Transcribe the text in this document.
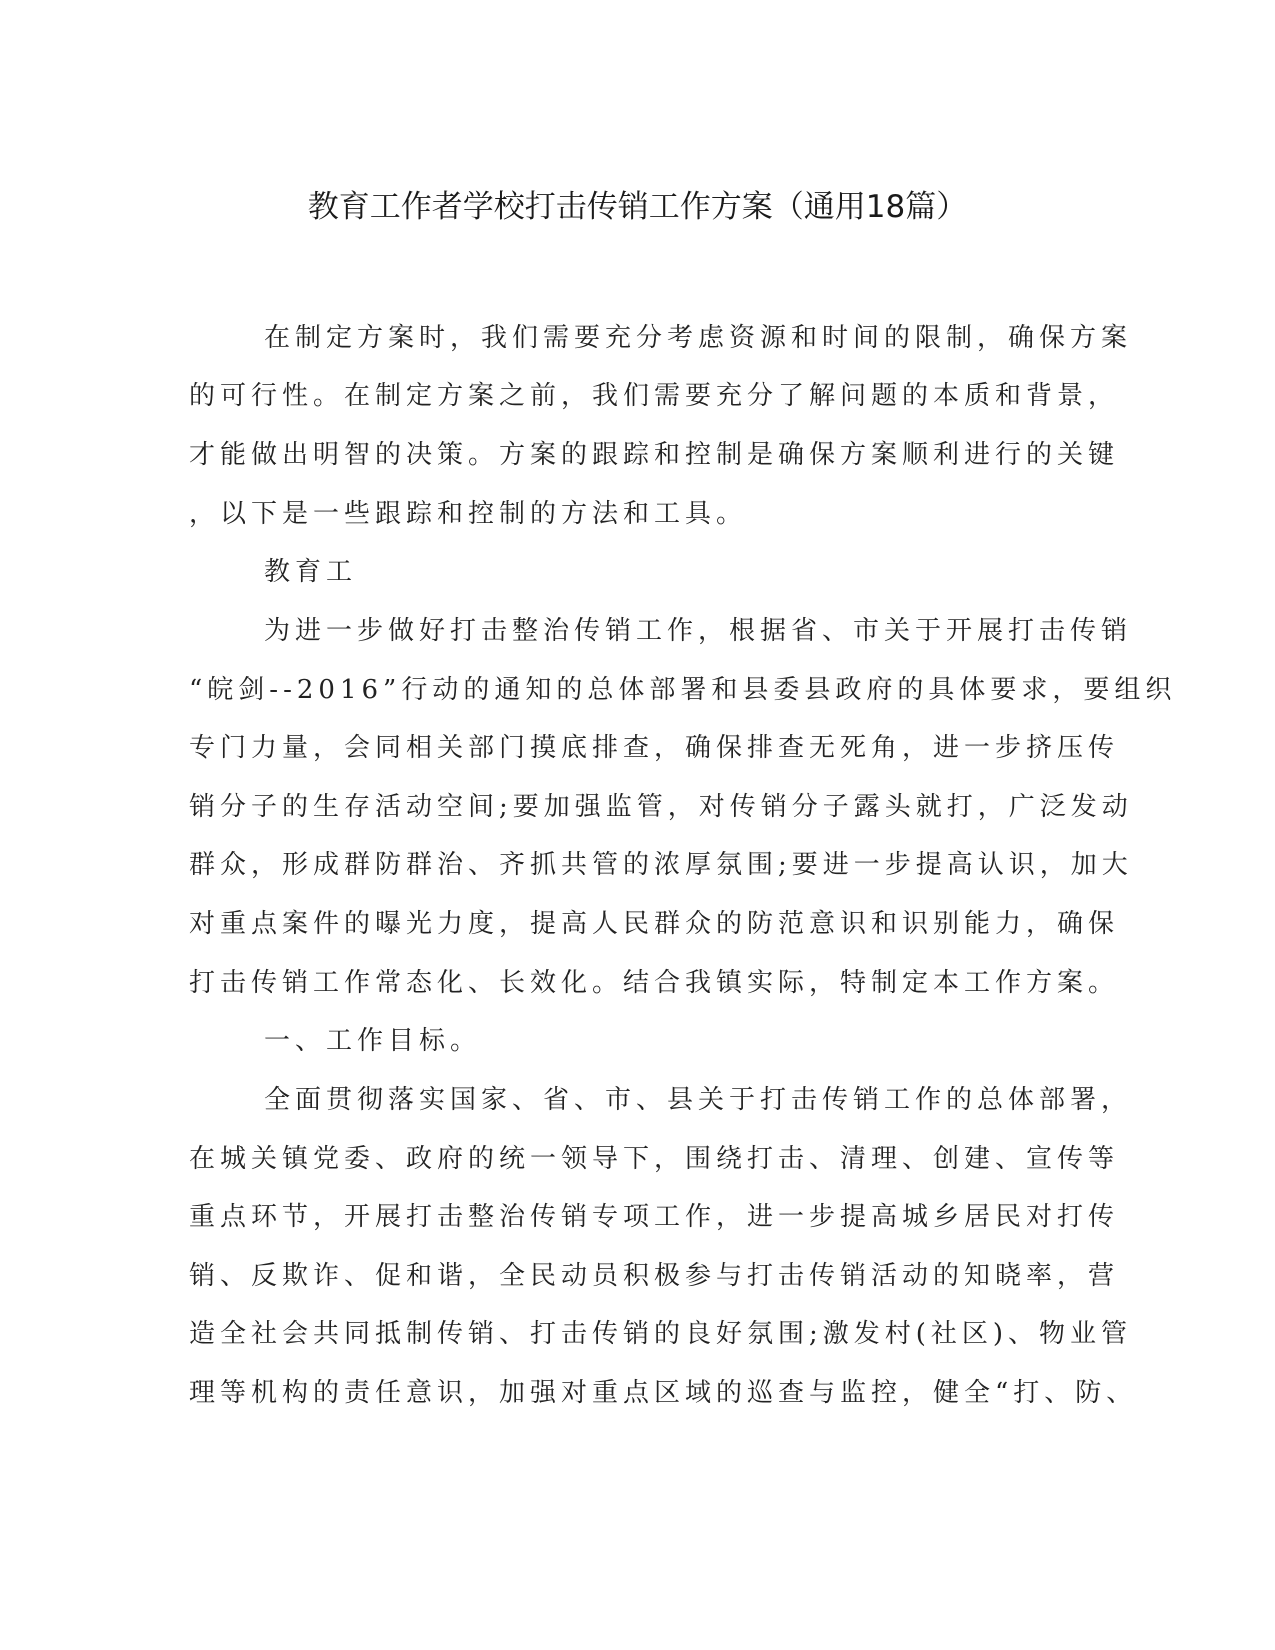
教育工作者学校打击传销工作方案（通用18篇）

在制定方案时，我们需要充分考虑资源和时间的限制，确保方案

的可行性。在制定方案之前，我们需要充分了解问题的本质和背景，

才能做出明智的决策。方案的跟踪和控制是确保方案顺利进行的关键

，以下是一些跟踪和控制的方法和工具。

教育工

为进一步做好打击整治传销工作，根据省、市关于开展打击传销

“皖剑--2016”行动的通知的总体部署和县委县政府的具体要求，要组织

专门力量，会同相关部门摸底排查，确保排查无死角，进一步挤压传

销分子的生存活动空间;要加强监管，对传销分子露头就打，广泛发动

群众，形成群防群治、齐抓共管的浓厚氛围;要进一步提高认识，加大

对重点案件的曝光力度，提高人民群众的防范意识和识别能力，确保

打击传销工作常态化、长效化。结合我镇实际，特制定本工作方案。

一、工作目标。

全面贯彻落实国家、省、市、县关于打击传销工作的总体部署，

在城关镇党委、政府的统一领导下，围绕打击、清理、创建、宣传等

重点环节，开展打击整治传销专项工作，进一步提高城乡居民对打传

销、反欺诈、促和谐，全民动员积极参与打击传销活动的知晓率，营

造全社会共同抵制传销、打击传销的良好氛围;激发村(社区)、物业管

理等机构的责任意识，加强对重点区域的巡查与监控，健全“打、防、
